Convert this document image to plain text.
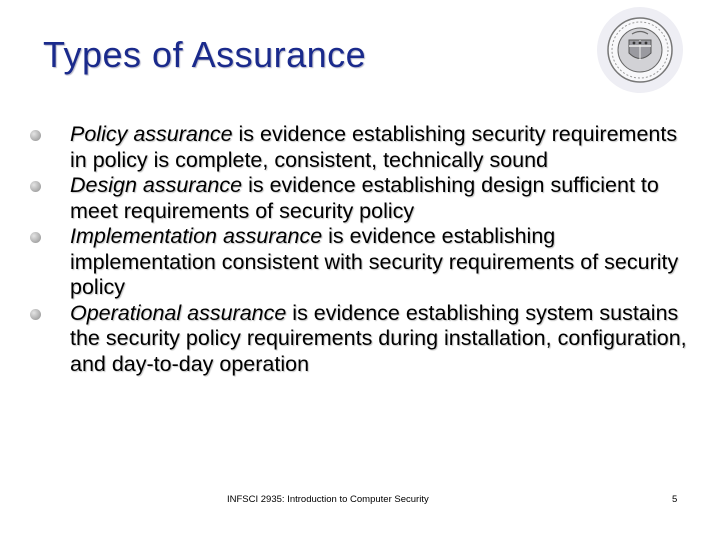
Types of Assurance
Policy assurance is evidence establishing security requirements in policy is complete, consistent, technically sound
Design assurance is evidence establishing design sufficient to meet requirements of security policy
Implementation assurance is evidence establishing implementation consistent with security requirements of security policy
Operational assurance is evidence establishing system sustains the security policy requirements during installation, configuration, and day-to-day operation
INFSCI 2935: Introduction to Computer Security	5
